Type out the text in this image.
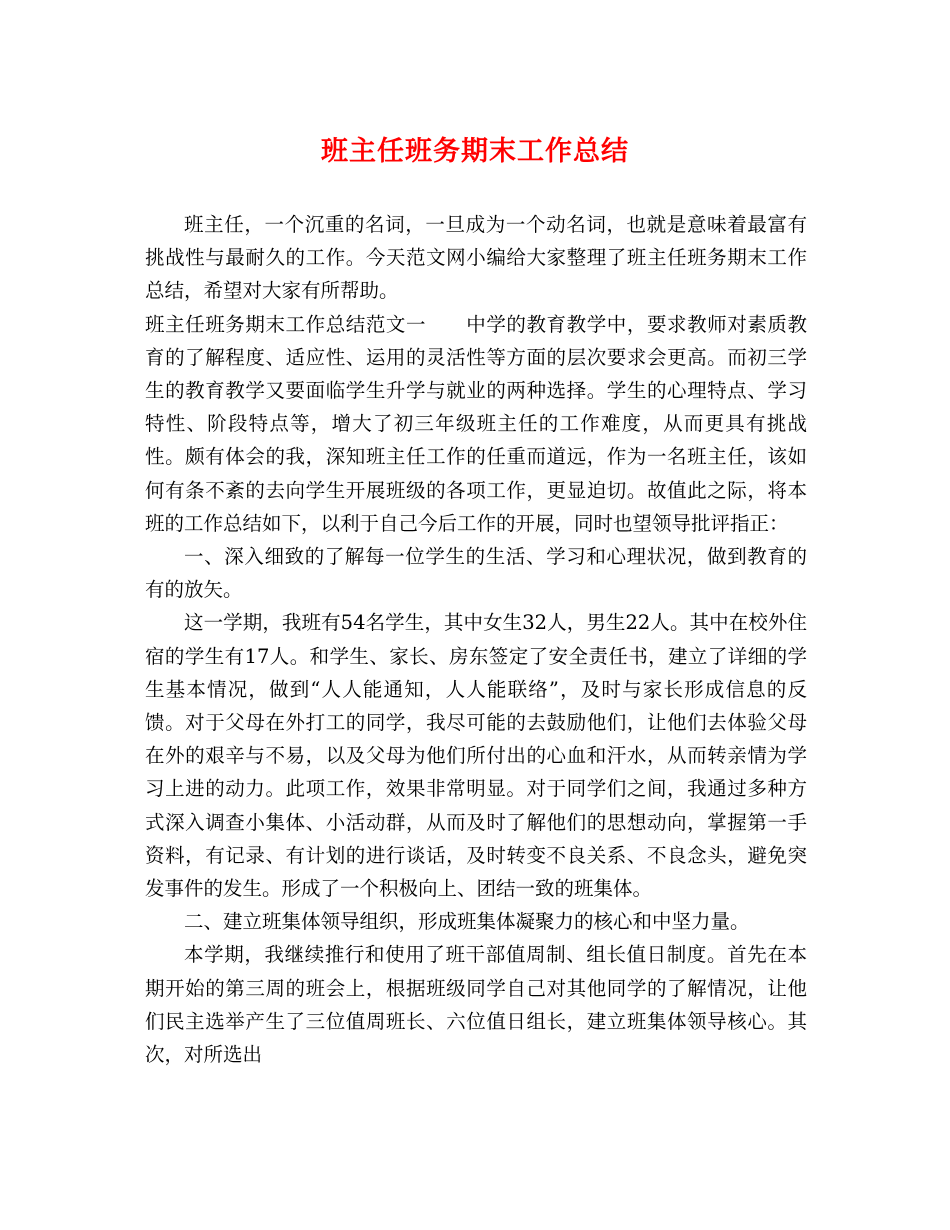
班主任班务期末工作总结

班主任，一个沉重的名词，一旦成为一个动名词，也就是意味着最富有挑战性与最耐久的工作。今天范文网小编给大家整理了班主任班务期末工作总结，希望对大家有所帮助。

班主任班务期末工作总结范文一　　中学的教育教学中，要求教师对素质教育的了解程度、适应性、运用的灵活性等方面的层次要求会更高。而初三学生的教育教学又要面临学生升学与就业的两种选择。学生的心理特点、学习特性、阶段特点等，增大了初三年级班主任的工作难度，从而更具有挑战性。颇有体会的我，深知班主任工作的任重而道远，作为一名班主任，该如何有条不紊的去向学生开展班级的各项工作，更显迫切。故值此之际，将本班的工作总结如下，以利于自己今后工作的开展，同时也望领导批评指正：

一、深入细致的了解每一位学生的生活、学习和心理状况，做到教育的有的放矢。

这一学期，我班有54名学生，其中女生32人，男生22人。其中在校外住宿的学生有17人。和学生、家长、房东签定了安全责任书，建立了详细的学生基本情况，做到“人人能通知，人人能联络”，及时与家长形成信息的反馈。对于父母在外打工的同学，我尽可能的去鼓励他们，让他们去体验父母在外的艰辛与不易，以及父母为他们所付出的心血和汗水，从而转亲情为学习上进的动力。此项工作，效果非常明显。对于同学们之间，我通过多种方式深入调查小集体、小活动群，从而及时了解他们的思想动向，掌握第一手资料，有记录、有计划的进行谈话，及时转变不良关系、不良念头，避免突发事件的发生。形成了一个积极向上、团结一致的班集体。

二、建立班集体领导组织，形成班集体凝聚力的核心和中坚力量。

本学期，我继续推行和使用了班干部值周制、组长值日制度。首先在本期开始的第三周的班会上，根据班级同学自己对其他同学的了解情况，让他们民主选举产生了三位值周班长、六位值日组长，建立班集体领导核心。其次，对所选出
